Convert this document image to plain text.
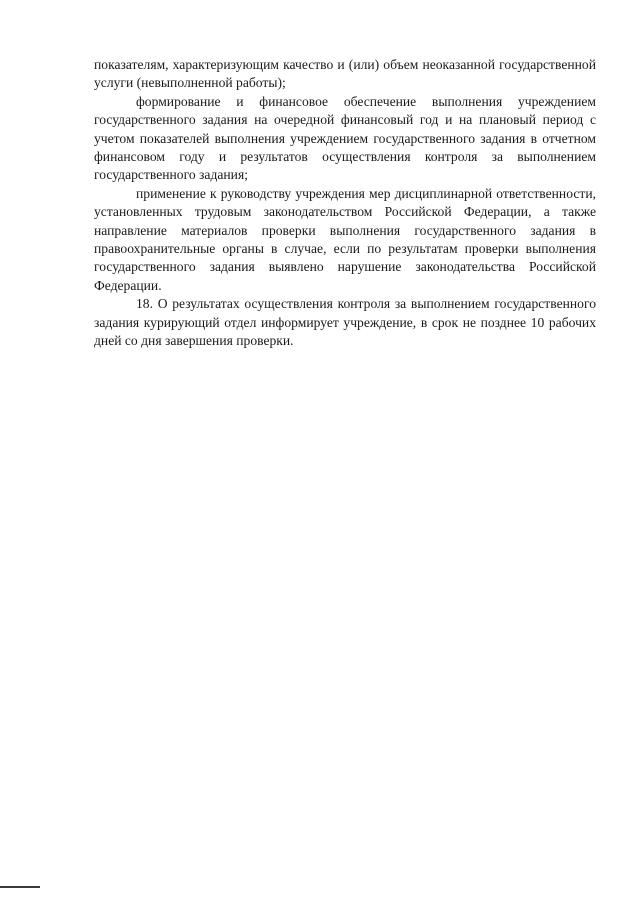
показателям, характеризующим качество и (или) объем неоказанной государственной услуги (невыполненной работы);

формирование и финансовое обеспечение выполнения учреждением государственного задания на очередной финансовый год и на плановый период с учетом показателей выполнения учреждением государственного задания в отчетном финансовом году и результатов осуществления контроля за выполнением государственного задания;

применение к руководству учреждения мер дисциплинарной ответственности, установленных трудовым законодательством Российской Федерации, а также направление материалов проверки выполнения государственного задания в правоохранительные органы в случае, если по результатам проверки выполнения государственного задания выявлено нарушение законодательства Российской Федерации.

18. О результатах осуществления контроля за выполнением государственного задания курирующий отдел информирует учреждение, в срок не позднее 10 рабочих дней со дня завершения проверки.
